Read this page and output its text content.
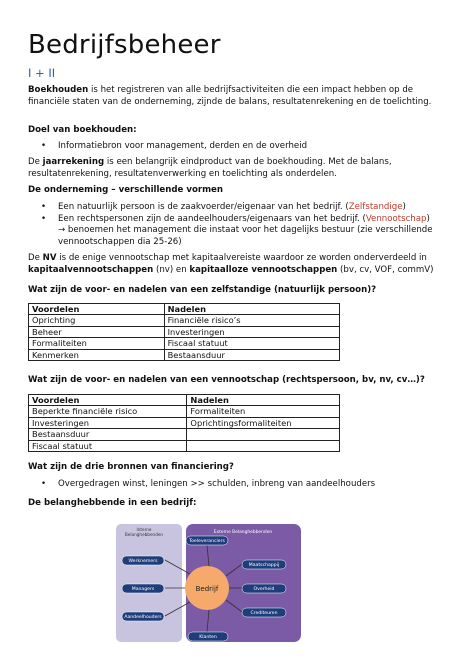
Bedrijfsbeheer
I + II
Boekhouden is het registreren van alle bedrijfsactiviteiten die een impact hebben op de financiële staten van de onderneming, zijnde de balans, resultatenrekening en de toelichting.
Doel van boekhouden:
• Informatiebron voor management, derden en de overheid
De jaarrekening is een belangrijk eindproduct van de boekhouding. Met de balans, resultatenrekening, resultatenverwerking en toelichting als onderdelen.
De onderneming – verschillende vormen
• Een natuurlijk persoon is de zaakvoerder/eigenaar van het bedrijf. (Zelfstandige)
• Een rechtspersonen zijn de aandeelhouders/eigenaars van het bedrijf. (Vennootschap)
→ benoemen het management die instaat voor het dagelijks bestuur (zie verschillende vennootschappen dia 25-26)
De NV is de enige vennootschap met kapitaalvereiste waardoor ze worden onderverdeeld in kapitaalvennootschappen (nv) en kapitaalloze vennootschappen (bv, cv, VOF, commV)
Wat zijn de voor- en nadelen van een zelfstandige (natuurlijk persoon)?
Voordelen	Nadelen
Oprichting	Financiële risico’s
Beheer	Investeringen
Formaliteiten	Fiscaal statuut
Kenmerken	Bestaansduur
Wat zijn de voor- en nadelen van een vennootschap (rechtspersoon, bv, nv, cv…)?
Voordelen	Nadelen
Beperkte financiële risico	Formaliteiten
Investeringen	Oprichtingsformaliteiten
Bestaansduur	
Fiscaal statuut	
Wat zijn de drie bronnen van financiering?
• Overgedragen winst, leningen >> schulden, inbreng van aandeelhouders
De belanghebbende in een bedrijf:
Interne
Belanghebbenden	Externe Belanghebbenden
Bedrijf
Werknemers
Managers
Aandeelhouders
Toeleveranciers
Maatschappij
Overheid
Crediteuren
Klanten
